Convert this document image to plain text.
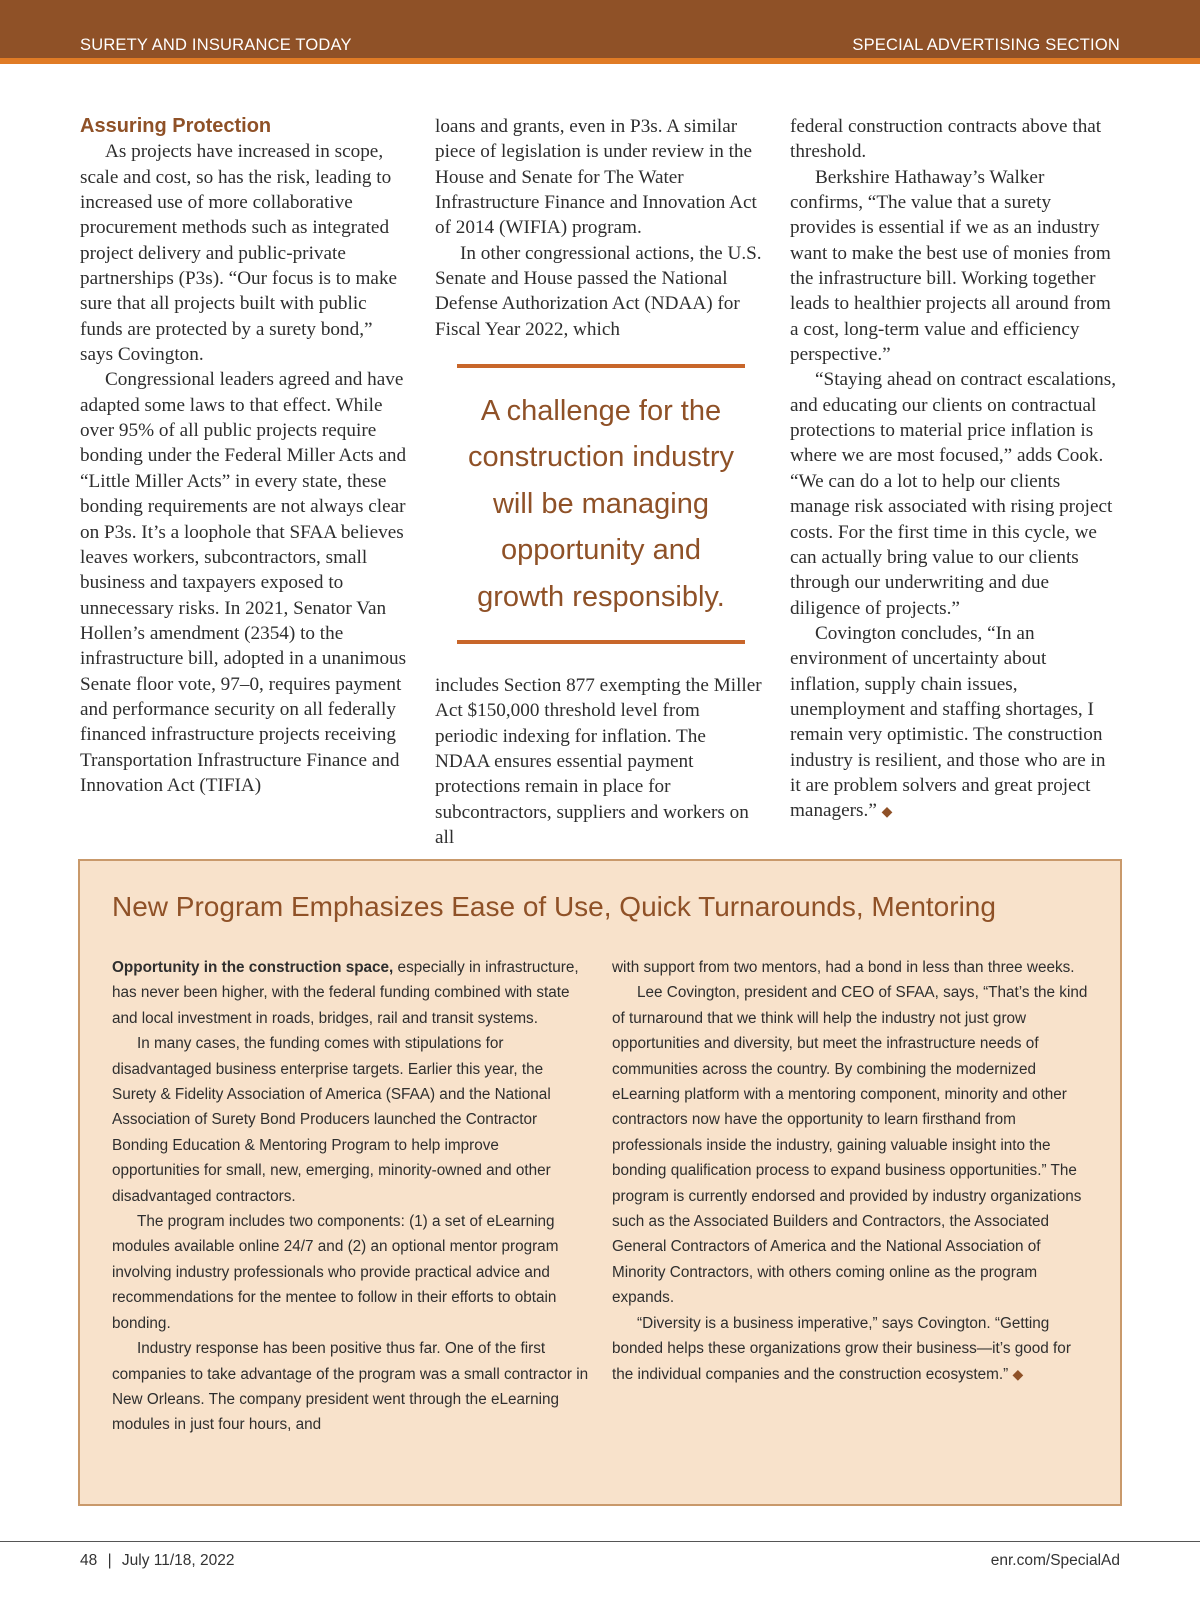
SURETY AND INSURANCE TODAY	SPECIAL ADVERTISING SECTION
Assuring Protection

As projects have increased in scope, scale and cost, so has the risk, leading to increased use of more collaborative procurement methods such as integrated project delivery and public-private partnerships (P3s). “Our focus is to make sure that all projects built with public funds are protected by a surety bond,” says Covington.

Congressional leaders agreed and have adapted some laws to that effect. While over 95% of all public projects require bonding under the Federal Miller Acts and “Little Miller Acts” in every state, these bonding requirements are not always clear on P3s. It’s a loophole that SFAA believes leaves workers, subcontractors, small business and taxpayers exposed to unnecessary risks. In 2021, Senator Van Hollen’s amendment (2354) to the infrastructure bill, adopted in a unanimous Senate floor vote, 97–0, requires payment and performance security on all federally financed infrastructure projects receiving Transportation Infrastructure Finance and Innovation Act (TIFIA)

loans and grants, even in P3s. A similar piece of legislation is under review in the House and Senate for The Water Infrastructure Finance and Innovation Act of 2014 (WIFIA) program.

In other congressional actions, the U.S. Senate and House passed the National Defense Authorization Act (NDAA) for Fiscal Year 2022, which

A challenge for the construction industry will be managing opportunity and growth responsibly.

includes Section 877 exempting the Miller Act $150,000 threshold level from periodic indexing for inflation. The NDAA ensures essential payment protections remain in place for subcontractors, suppliers and workers on all

federal construction contracts above that threshold.

Berkshire Hathaway’s Walker confirms, “The value that a surety provides is essential if we as an industry want to make the best use of monies from the infrastructure bill. Working together leads to healthier projects all around from a cost, long-term value and efficiency perspective.”

“Staying ahead on contract escalations, and educating our clients on contractual protections to material price inflation is where we are most focused,” adds Cook. “We can do a lot to help our clients manage risk associated with rising project costs. For the first time in this cycle, we can actually bring value to our clients through our underwriting and due diligence of projects.”

Covington concludes, “In an environment of uncertainty about inflation, supply chain issues, unemployment and staffing shortages, I remain very optimistic. The construction industry is resilient, and those who are in it are problem solvers and great project managers.” ◆

New Program Emphasizes Ease of Use, Quick Turnarounds, Mentoring

Opportunity in the construction space, especially in infrastructure, has never been higher, with the federal funding combined with state and local investment in roads, bridges, rail and transit systems.

In many cases, the funding comes with stipulations for disadvantaged business enterprise targets. Earlier this year, the Surety & Fidelity Association of America (SFAA) and the National Association of Surety Bond Producers launched the Contractor Bonding Education & Mentoring Program to help improve opportunities for small, new, emerging, minority-owned and other disadvantaged contractors.

The program includes two components: (1) a set of eLearning modules available online 24/7 and (2) an optional mentor program involving industry professionals who provide practical advice and recommendations for the mentee to follow in their efforts to obtain bonding.

Industry response has been positive thus far. One of the first companies to take advantage of the program was a small contractor in New Orleans. The company president went through the eLearning modules in just four hours, and

with support from two mentors, had a bond in less than three weeks.

Lee Covington, president and CEO of SFAA, says, “That’s the kind of turnaround that we think will help the industry not just grow opportunities and diversity, but meet the infrastructure needs of communities across the country. By combining the modernized eLearning platform with a mentoring component, minority and other contractors now have the opportunity to learn firsthand from professionals inside the industry, gaining valuable insight into the bonding qualification process to expand business opportunities.” The program is currently endorsed and provided by industry organizations such as the Associated Builders and Contractors, the Associated General Contractors of America and the National Association of Minority Contractors, with others coming online as the program expands.

“Diversity is a business imperative,” says Covington. “Getting bonded helps these organizations grow their business—it’s good for the individual companies and the construction ecosystem.” ◆

48 | July 11/18, 2022	enr.com/SpecialAd
